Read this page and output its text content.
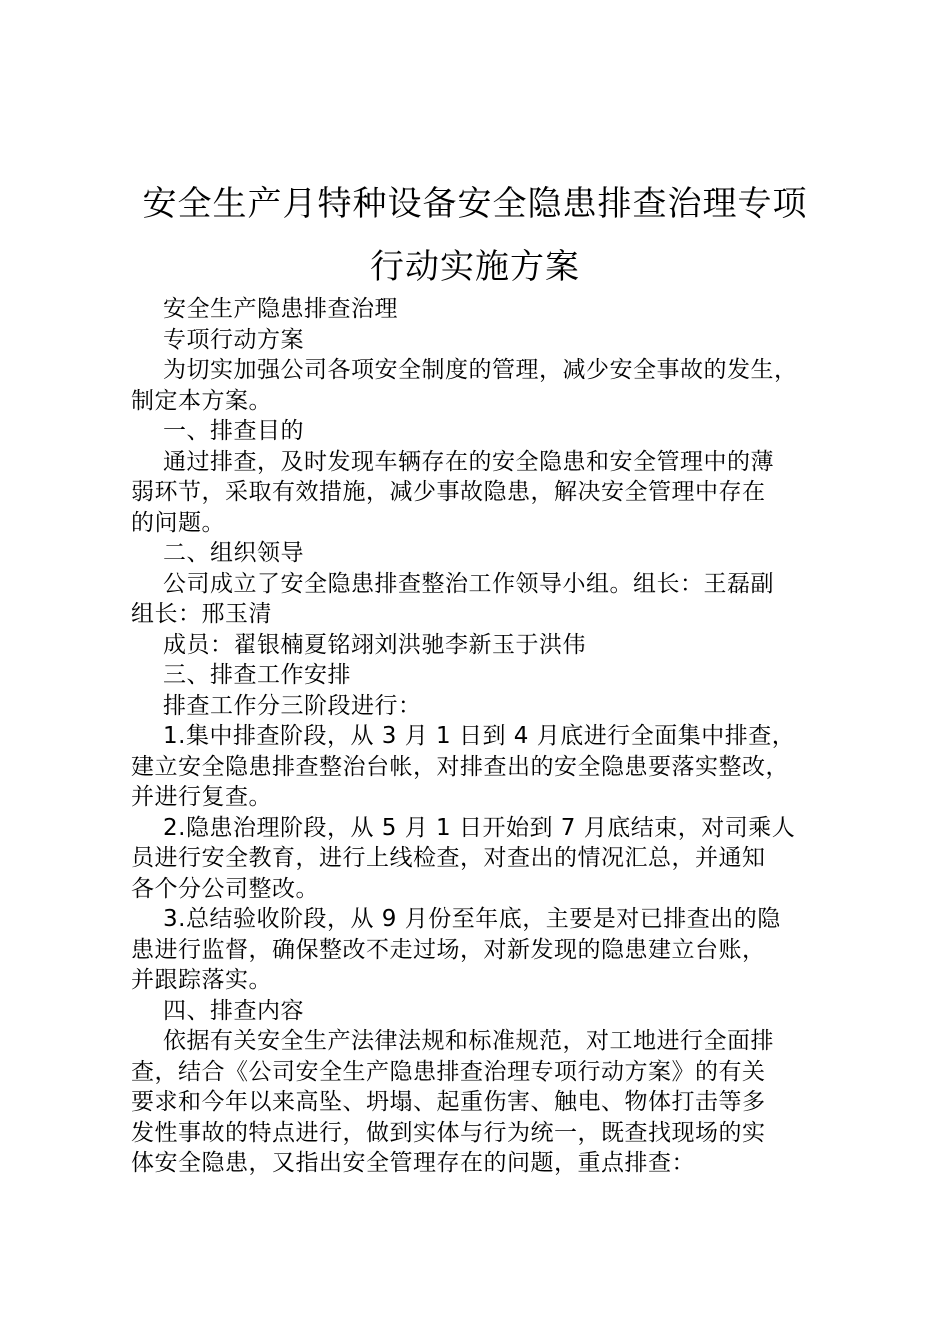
安全生产月特种设备安全隐患排查治理专项
行动实施方案

安全生产隐患排查治理

专项行动方案

为切实加强公司各项安全制度的管理，减少安全事故的发生，
制定本方案。

一、排查目的

通过排查，及时发现车辆存在的安全隐患和安全管理中的薄
弱环节，采取有效措施，减少事故隐患，解决安全管理中存在
的问题。

二、组织领导

公司成立了安全隐患排查整治工作领导小组。组长：王磊副
组长：邢玉清

成员：翟银楠夏铭翊刘洪驰李新玉于洪伟

三、排查工作安排

排查工作分三阶段进行：

1.集中排查阶段，从 3 月 1 日到 4 月底进行全面集中排查，
建立安全隐患排查整治台帐，对排查出的安全隐患要落实整改，
并进行复查。

2.隐患治理阶段，从 5 月 1 日开始到 7 月底结束，对司乘人
员进行安全教育，进行上线检查，对查出的情况汇总，并通知
各个分公司整改。

3.总结验收阶段，从 9 月份至年底，主要是对已排查出的隐
患进行监督，确保整改不走过场，对新发现的隐患建立台账，
并跟踪落实。

四、排查内容

依据有关安全生产法律法规和标准规范，对工地进行全面排
查，结合《公司安全生产隐患排查治理专项行动方案》的有关
要求和今年以来高坠、坍塌、起重伤害、触电、物体打击等多
发性事故的特点进行，做到实体与行为统一，既查找现场的实
体安全隐患，又指出安全管理存在的问题，重点排查：
